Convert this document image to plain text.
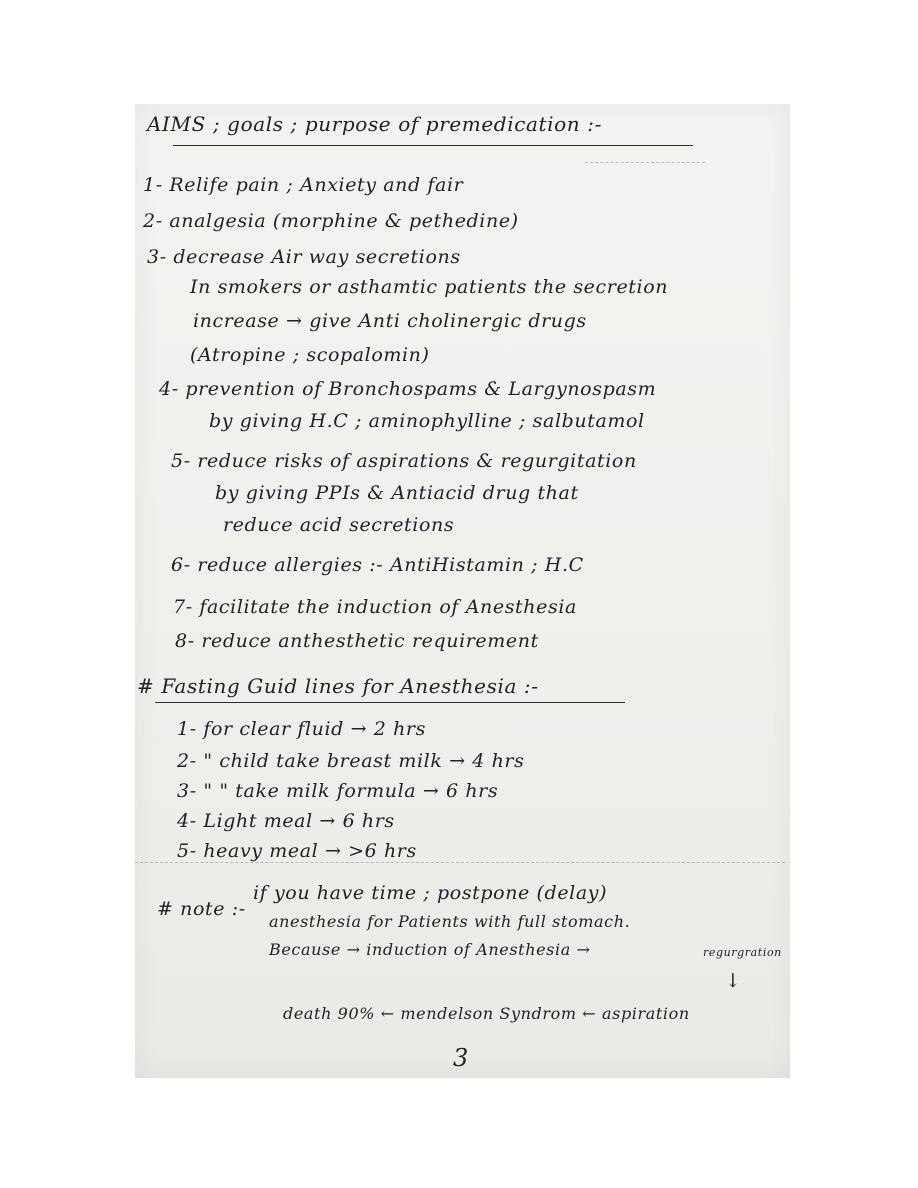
AIMS ; goals ; purpose of premedication :-
1- Relife pain ; Anxiety and fair
2- analgesia (morphine & pethedine)
3- decrease Air way secretions
In smokers or asthamtic patients the secretion
increase → give Anti cholinergic drugs
(Atropine ; scopalomin)
4- prevention of Bronchospams & Largynospasm
by giving H.C ; aminophylline ; salbutamol
5- reduce risks of aspirations & regurgitation
by giving PPIs & Antiacid drug that
reduce acid secretions
6- reduce allergies :- AntiHistamin ; H.C
7- facilitate the induction of Anesthesia
8- reduce anthesthetic requirement
# Fasting Guid lines for Anesthesia :-
1- for clear fluid → 2 hrs
2- " child take breast milk → 4 hrs
3- " " take milk formula → 6 hrs
4- Light meal → 6 hrs
5- heavy meal → >6 hrs
# note :-
if you have time ; postpone (delay)
anesthesia for Patients with full stomach.
Because → induction of Anesthesia →	regurgration
↓
death 90% ← mendelson Syndrom ← aspiration
3
